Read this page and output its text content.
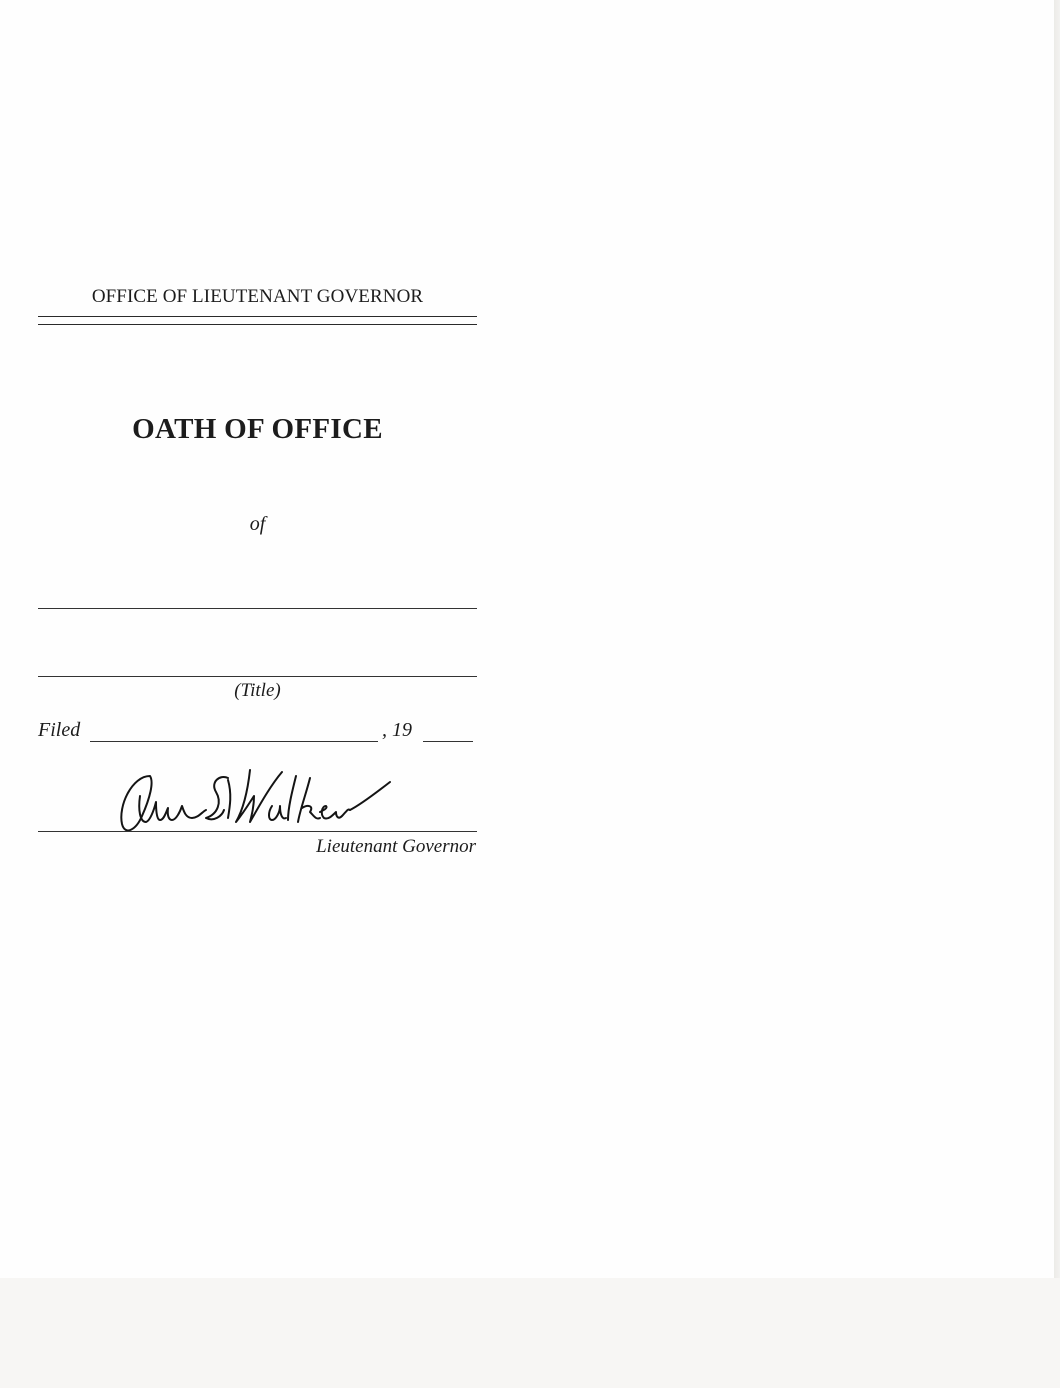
OFFICE OF LIEUTENANT GOVERNOR
OATH OF OFFICE
of
(Title)
Filed	, 19
Lieutenant Governor
